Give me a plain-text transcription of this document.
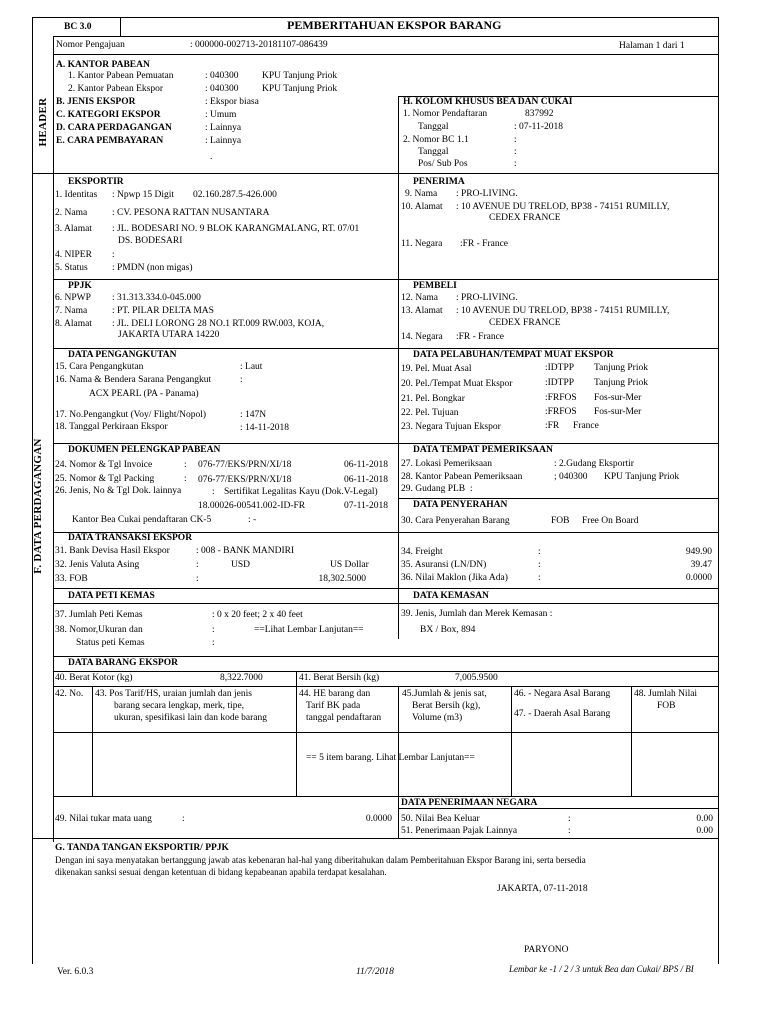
HEADER
F. DATA PERDAGANGAN
BC 3.0	PEMBERITAHUAN EKSPOR BARANG
Nomor Pengajuan	: 000000-002713-20181107-086439	Halaman 1 dari 1
A. KANTOR PABEAN
1. Kantor Pabean Pemuatan	: 040300 KPU Tanjung Priok
2. Kantor Pabean Ekspor	: 040300 KPU Tanjung Priok
B. JENIS EKSPOR	: Ekspor biasa
C. KATEGORI EKSPOR	: Umum
D. CARA PERDAGANGAN	: Lainnya
E. CARA PEMBAYARAN	: Lainnya
.
H. KOLOM KHUSUS BEA DAN CUKAI
1. Nomor Pendaftaran	837992
Tanggal	: 07-11-2018
2. Nomor BC 1.1	:
Tanggal	:
Pos/ Sub Pos	:
EKSPORTIR
1. Identitas : Npwp 15 Digit 02.160.287.5-426.000
2. Nama	: CV. PESONA RATTAN NUSANTARA
3. Alamat : JL. BODESARI NO. 9 BLOK KARANGMALANG, RT. 07/01
DS. BODESARI
4. NIPER :
5. Status	: PMDN (non migas)
PENERIMA
9. Nama : PRO-LIVING.
10. Alamat : 10 AVENUE DU TRELOD, BP38 - 74151 RUMILLY,
CEDEX FRANCE
11. Negara :FR - France
PPJK
6. NPWP : 31.313.334.0-045.000
7. Nama	: PT. PILAR DELTA MAS
8. Alamat : JL. DELI LORONG 28 NO.1 RT.009 RW.003, KOJA,
JAKARTA UTARA 14220
PEMBELI
12. Nama : PRO-LIVING.
13. Alamat : 10 AVENUE DU TRELOD, BP38 - 74151 RUMILLY,
CEDEX FRANCE
14. Negara :FR - France
DATA PENGANGKUTAN
15. Cara Pengangkutan	: Laut
16. Nama & Bendera Sarana Pengangkut	:
ACX PEARL (PA - Panama)
17. No.Pengangkut (Voy/ Flight/Nopol)	: 147N
18. Tanggal Perkiraan Ekspor	: 14-11-2018
DATA PELABUHAN/TEMPAT MUAT EKSPOR
19. Pel. Muat Asal	:IDTPP Tanjung Priok
20. Pel./Tempat Muat Ekspor	:IDTPP Tanjung Priok
21. Pel. Bongkar	:FRFOS Fos-sur-Mer
22. Pel. Tujuan	:FRFOS Fos-sur-Mer
23. Negara Tujuan Ekspor	:FR France
DOKUMEN PELENGKAP PABEAN
24. Nomor & Tgl Invoice	: 076-77/EKS/PRN/XI/18	06-11-2018
25. Nomor & Tgl Packing	: 076-77/EKS/PRN/XI/18	06-11-2018
26. Jenis, No & Tgl Dok. lainnya	: Sertifikat Legalitas Kayu (Dok.V-Legal)
18.00026-00541.002-ID-FR	07-11-2018
Kantor Bea Cukai pendaftaran CK-5	: -
DATA TEMPAT PEMERIKSAAN
27. Lokasi Pemeriksaan	: 2.Gudang Eksportir
28. Kantor Pabean Pemeriksaan	; 040300 KPU Tanjung Priok
29. Gudang PLB :
DATA PENYERAHAN
30. Cara Penyerahan Barang	FOB Free On Board
DATA TRANSAKSI EKSPOR
31. Bank Devisa Hasil Ekspor	: 008 - BANK MANDIRI
32. Jenis Valuta Asing	:	USD	US Dollar
33. FOB	:	18,302.5000
34. Freight	:	949.90
35. Asuransi (LN/DN)	:	39.47
36. Nilai Maklon (Jika Ada)	:	0.0000
DATA PETI KEMAS	DATA KEMASAN
37. Jumlah Peti Kemas	: 0 x 20 feet; 2 x 40 feet
38. Nomor,Ukuran dan	:	==Lihat Lembar Lanjutan==
Status peti Kemas	:
39. Jenis, Jumlah dan Merek Kemasan :
BX / Box, 894
DATA BARANG EKSPOR
40. Berat Kotor (kg)	8,322.7000	41. Berat Bersih (kg)	7,005.9500
42. No. 43. Pos Tarif/HS, uraian jumlah dan jenis
barang secara lengkap, merk, tipe,
ukuran, spesifikasi lain dan kode barang
44. HE barang dan
Tarif BK pada
tanggal pendaftaran
45.Jumlah & jenis sat,
Berat Bersih (kg),
Volume (m3)
46. - Negara Asal Barang
47. - Daerah Asal Barang
48. Jumlah Nilai
FOB
== 5 item barang. Lihat Lembar Lanjutan==
49. Nilai tukar mata uang	:	0.0000
DATA PENERIMAAN NEGARA
50. Nilai Bea Keluar	:	0.00
51. Penerimaan Pajak Lainnya	:	0.00
G. TANDA TANGAN EKSPORTIR/ PPJK
Dengan ini saya menyatakan bertanggung jawab atas kebenaran hal-hal yang diberitahukan dalam Pemberitahuan Ekspor Barang ini, serta bersedia
dikenakan sanksi sesuai dengan ketentuan di bidang kepabeanan apabila terdapat kesalahan.
JAKARTA, 07-11-2018
PARYONO
Ver. 6.0.3	11/7/2018	Lembar ke -1 / 2 / 3 untuk Bea dan Cukai/ BPS / BI
